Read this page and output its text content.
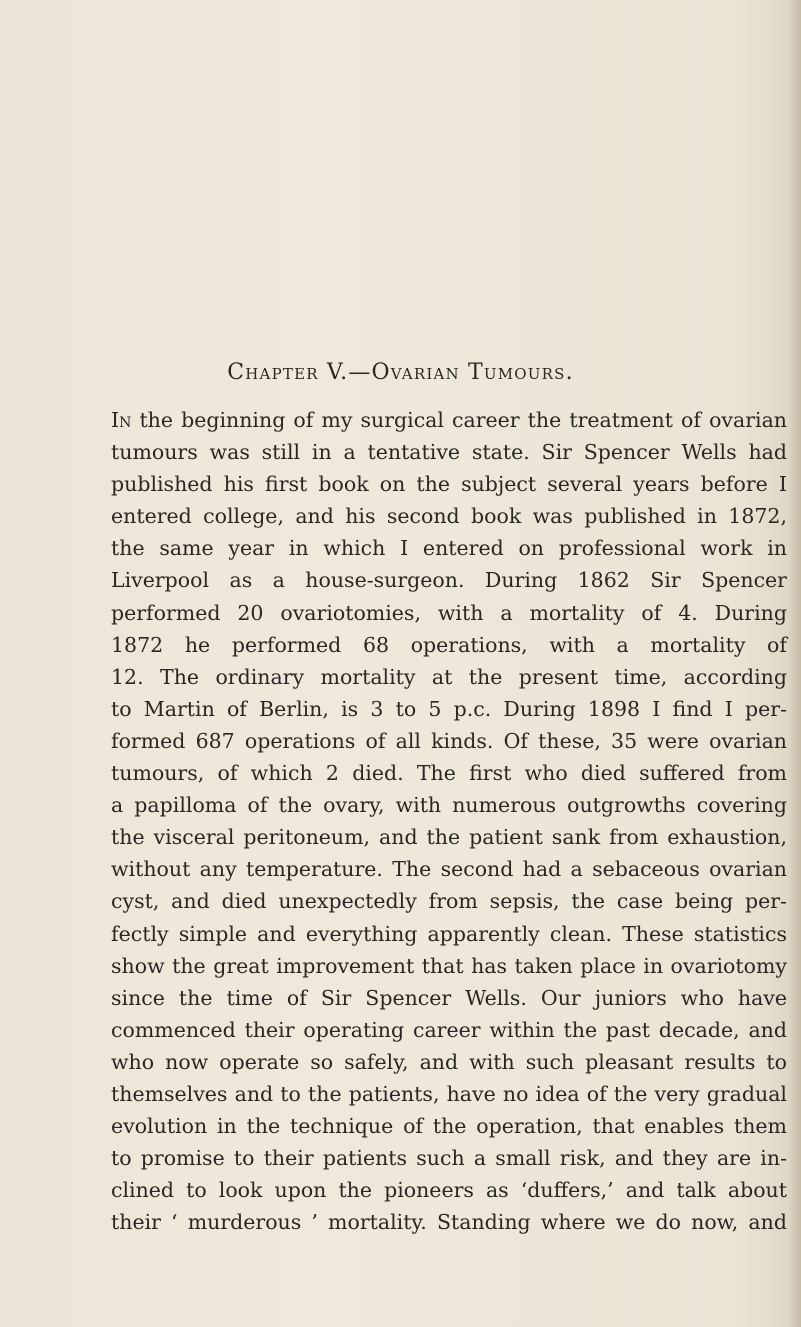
Chapter V.—Ovarian Tumours.
In the beginning of my surgical career the treatment of ovarian
tumours was still in a tentative state. Sir Spencer Wells had
published his first book on the subject several years before I
entered college, and his second book was published in 1872,
the same year in which I entered on professional work in
Liverpool as a house-surgeon. During 1862 Sir Spencer
performed 20 ovariotomies, with a mortality of 4. During
1872 he performed 68 operations, with a mortality of
12. The ordinary mortality at the present time, according
to Martin of Berlin, is 3 to 5 p.c. During 1898 I find I per-
formed 687 operations of all kinds. Of these, 35 were ovarian
tumours, of which 2 died. The first who died suffered from
a papilloma of the ovary, with numerous outgrowths covering
the visceral peritoneum, and the patient sank from exhaustion,
without any temperature. The second had a sebaceous ovarian
cyst, and died unexpectedly from sepsis, the case being per-
fectly simple and everything apparently clean. These statistics
show the great improvement that has taken place in ovariotomy
since the time of Sir Spencer Wells. Our juniors who have
commenced their operating career within the past decade, and
who now operate so safely, and with such pleasant results to
themselves and to the patients, have no idea of the very gradual
evolution in the technique of the operation, that enables them
to promise to their patients such a small risk, and they are in-
clined to look upon the pioneers as ‘duffers,’ and talk about
their ‘ murderous ’ mortality. Standing where we do now, and
